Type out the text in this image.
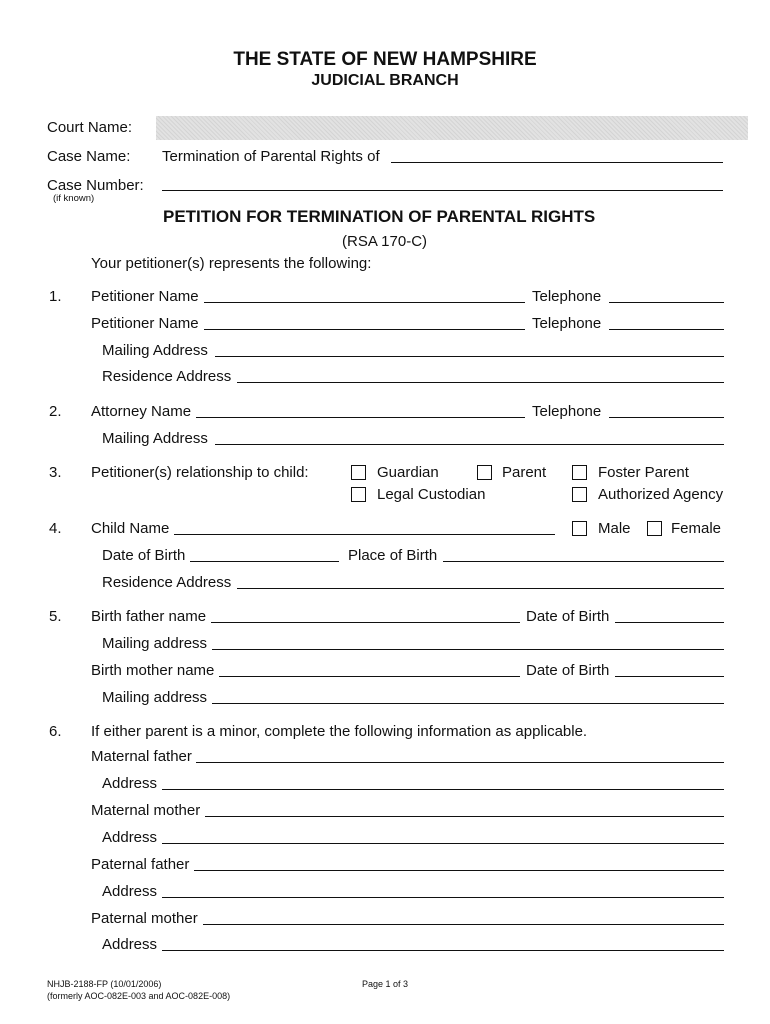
THE STATE OF NEW HAMPSHIRE
JUDICIAL BRANCH
Court Name:
Case Name: Termination of Parental Rights of
Case Number:
(if known)
PETITION FOR TERMINATION OF PARENTAL RIGHTS
(RSA 170-C)
Your petitioner(s) represents the following:
1. Petitioner Name	Telephone
Petitioner Name	Telephone
Mailing Address
Residence Address
2. Attorney Name	Telephone
Mailing Address
3. Petitioner(s) relationship to child:	Guardian	Parent	Foster Parent
Legal Custodian	Authorized Agency
4. Child Name	Male	Female
Date of Birth	Place of Birth
Residence Address
5. Birth father name	Date of Birth
Mailing address
Birth mother name	Date of Birth
Mailing address
6. If either parent is a minor, complete the following information as applicable.
Maternal father
Address
Maternal mother
Address
Paternal father
Address
Paternal mother
Address
NHJB-2188-FP (10/01/2006)
(formerly AOC-082E-003 and AOC-082E-008)
Page 1 of 3
